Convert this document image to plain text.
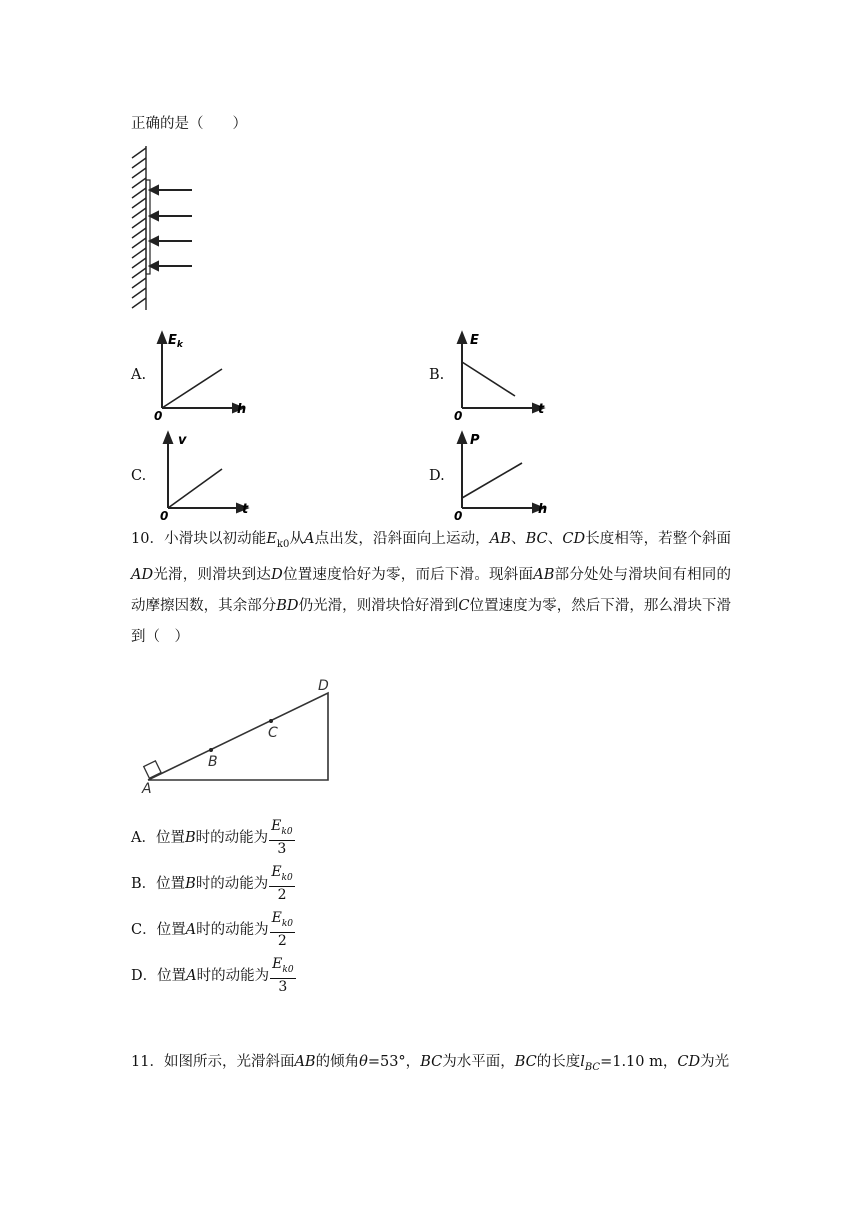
正确的是（　　）
A.
$E_k$
0	h
B.
E
0	t
C.
v
0	t
D.
P
0	h
10．小滑块以初动能$E_{k0}$从A点出发，沿斜面向上运动，AB、BC、CD长度相等，若整个斜面AD光滑，则滑块到达D位置速度恰好为零，而后下滑。现斜面AB部分处处与滑块间有相同的动摩擦因数，其余部分BD仍光滑，则滑块恰好滑到C位置速度为零，然后下滑，那么滑块下滑到（　）
A
B
C
D
A．位置B时的动能为 $\frac{E_{k0}}{3}$
B．位置B时的动能为 $\frac{E_{k0}}{2}$
C．位置A时的动能为 $\frac{E_{k0}}{2}$
D．位置A时的动能为 $\frac{E_{k0}}{3}$
11．如图所示，光滑斜面AB的倾角θ=53°，BC为水平面，BC的长度$l_{BC}=1.10$ m，CD为光
